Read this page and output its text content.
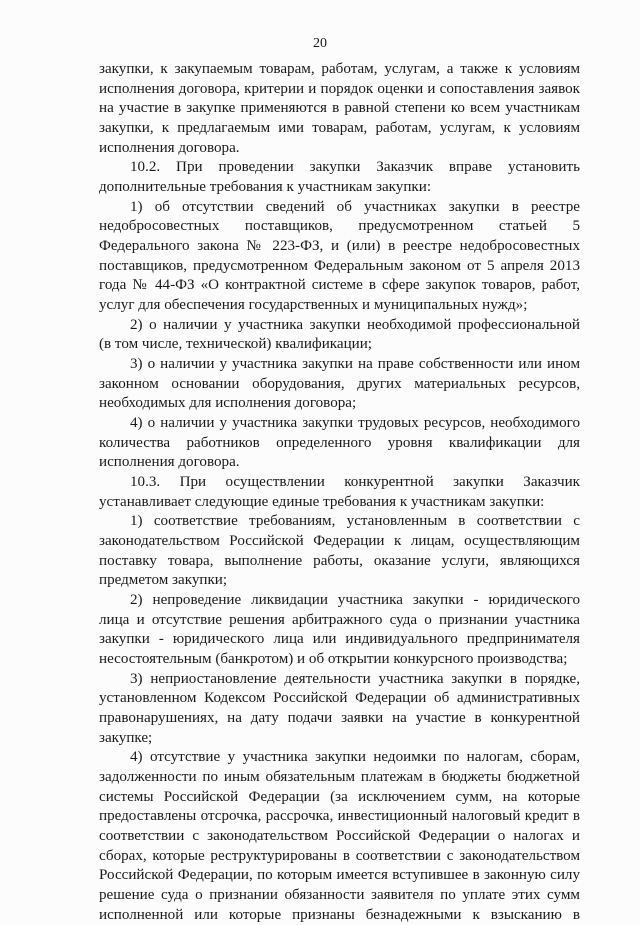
20
закупки, к закупаемым товарам, работам, услугам, а также к условиям
исполнения договора, критерии и порядок оценки и сопоставления заявок
на участие в закупке применяются в равной степени ко всем участникам
закупки, к предлагаемым ими товарам, работам, услугам, к условиям
исполнения договора.
10.2. При проведении закупки Заказчик вправе установить
дополнительные требования к участникам закупки:
1) об отсутствии сведений об участниках закупки в реестре
недобросовестных поставщиков, предусмотренном статьей 5
Федерального закона № 223-ФЗ, и (или) в реестре недобросовестных
поставщиков, предусмотренном Федеральным законом от 5 апреля 2013
года № 44-ФЗ «О контрактной системе в сфере закупок товаров, работ,
услуг для обеспечения государственных и муниципальных нужд»;
2) о наличии у участника закупки необходимой профессиональной
(в том числе, технической) квалификации;
3) о наличии у участника закупки на праве собственности или ином
законном основании оборудования, других материальных ресурсов,
необходимых для исполнения договора;
4) о наличии у участника закупки трудовых ресурсов, необходимого
количества работников определенного уровня квалификации для
исполнения договора.
10.3. При осуществлении конкурентной закупки Заказчик
устанавливает следующие единые требования к участникам закупки:
1) соответствие требованиям, установленным в соответствии с
законодательством Российской Федерации к лицам, осуществляющим
поставку товара, выполнение работы, оказание услуги, являющихся
предметом закупки;
2) непроведение ликвидации участника закупки - юридического
лица и отсутствие решения арбитражного суда о признании участника
закупки - юридического лица или индивидуального предпринимателя
несостоятельным (банкротом) и об открытии конкурсного производства;
3) неприостановление деятельности участника закупки в порядке,
установленном Кодексом Российской Федерации об административных
правонарушениях, на дату подачи заявки на участие в конкурентной
закупке;
4) отсутствие у участника закупки недоимки по налогам, сборам,
задолженности по иным обязательным платежам в бюджеты бюджетной
системы Российской Федерации (за исключением сумм, на которые
предоставлены отсрочка, рассрочка, инвестиционный налоговый кредит в
соответствии с законодательством Российской Федерации о налогах и
сборах, которые реструктурированы в соответствии с законодательством
Российской Федерации, по которым имеется вступившее в законную силу
решение суда о признании обязанности заявителя по уплате этих сумм
исполненной или которые признаны безнадежными к взысканию в
